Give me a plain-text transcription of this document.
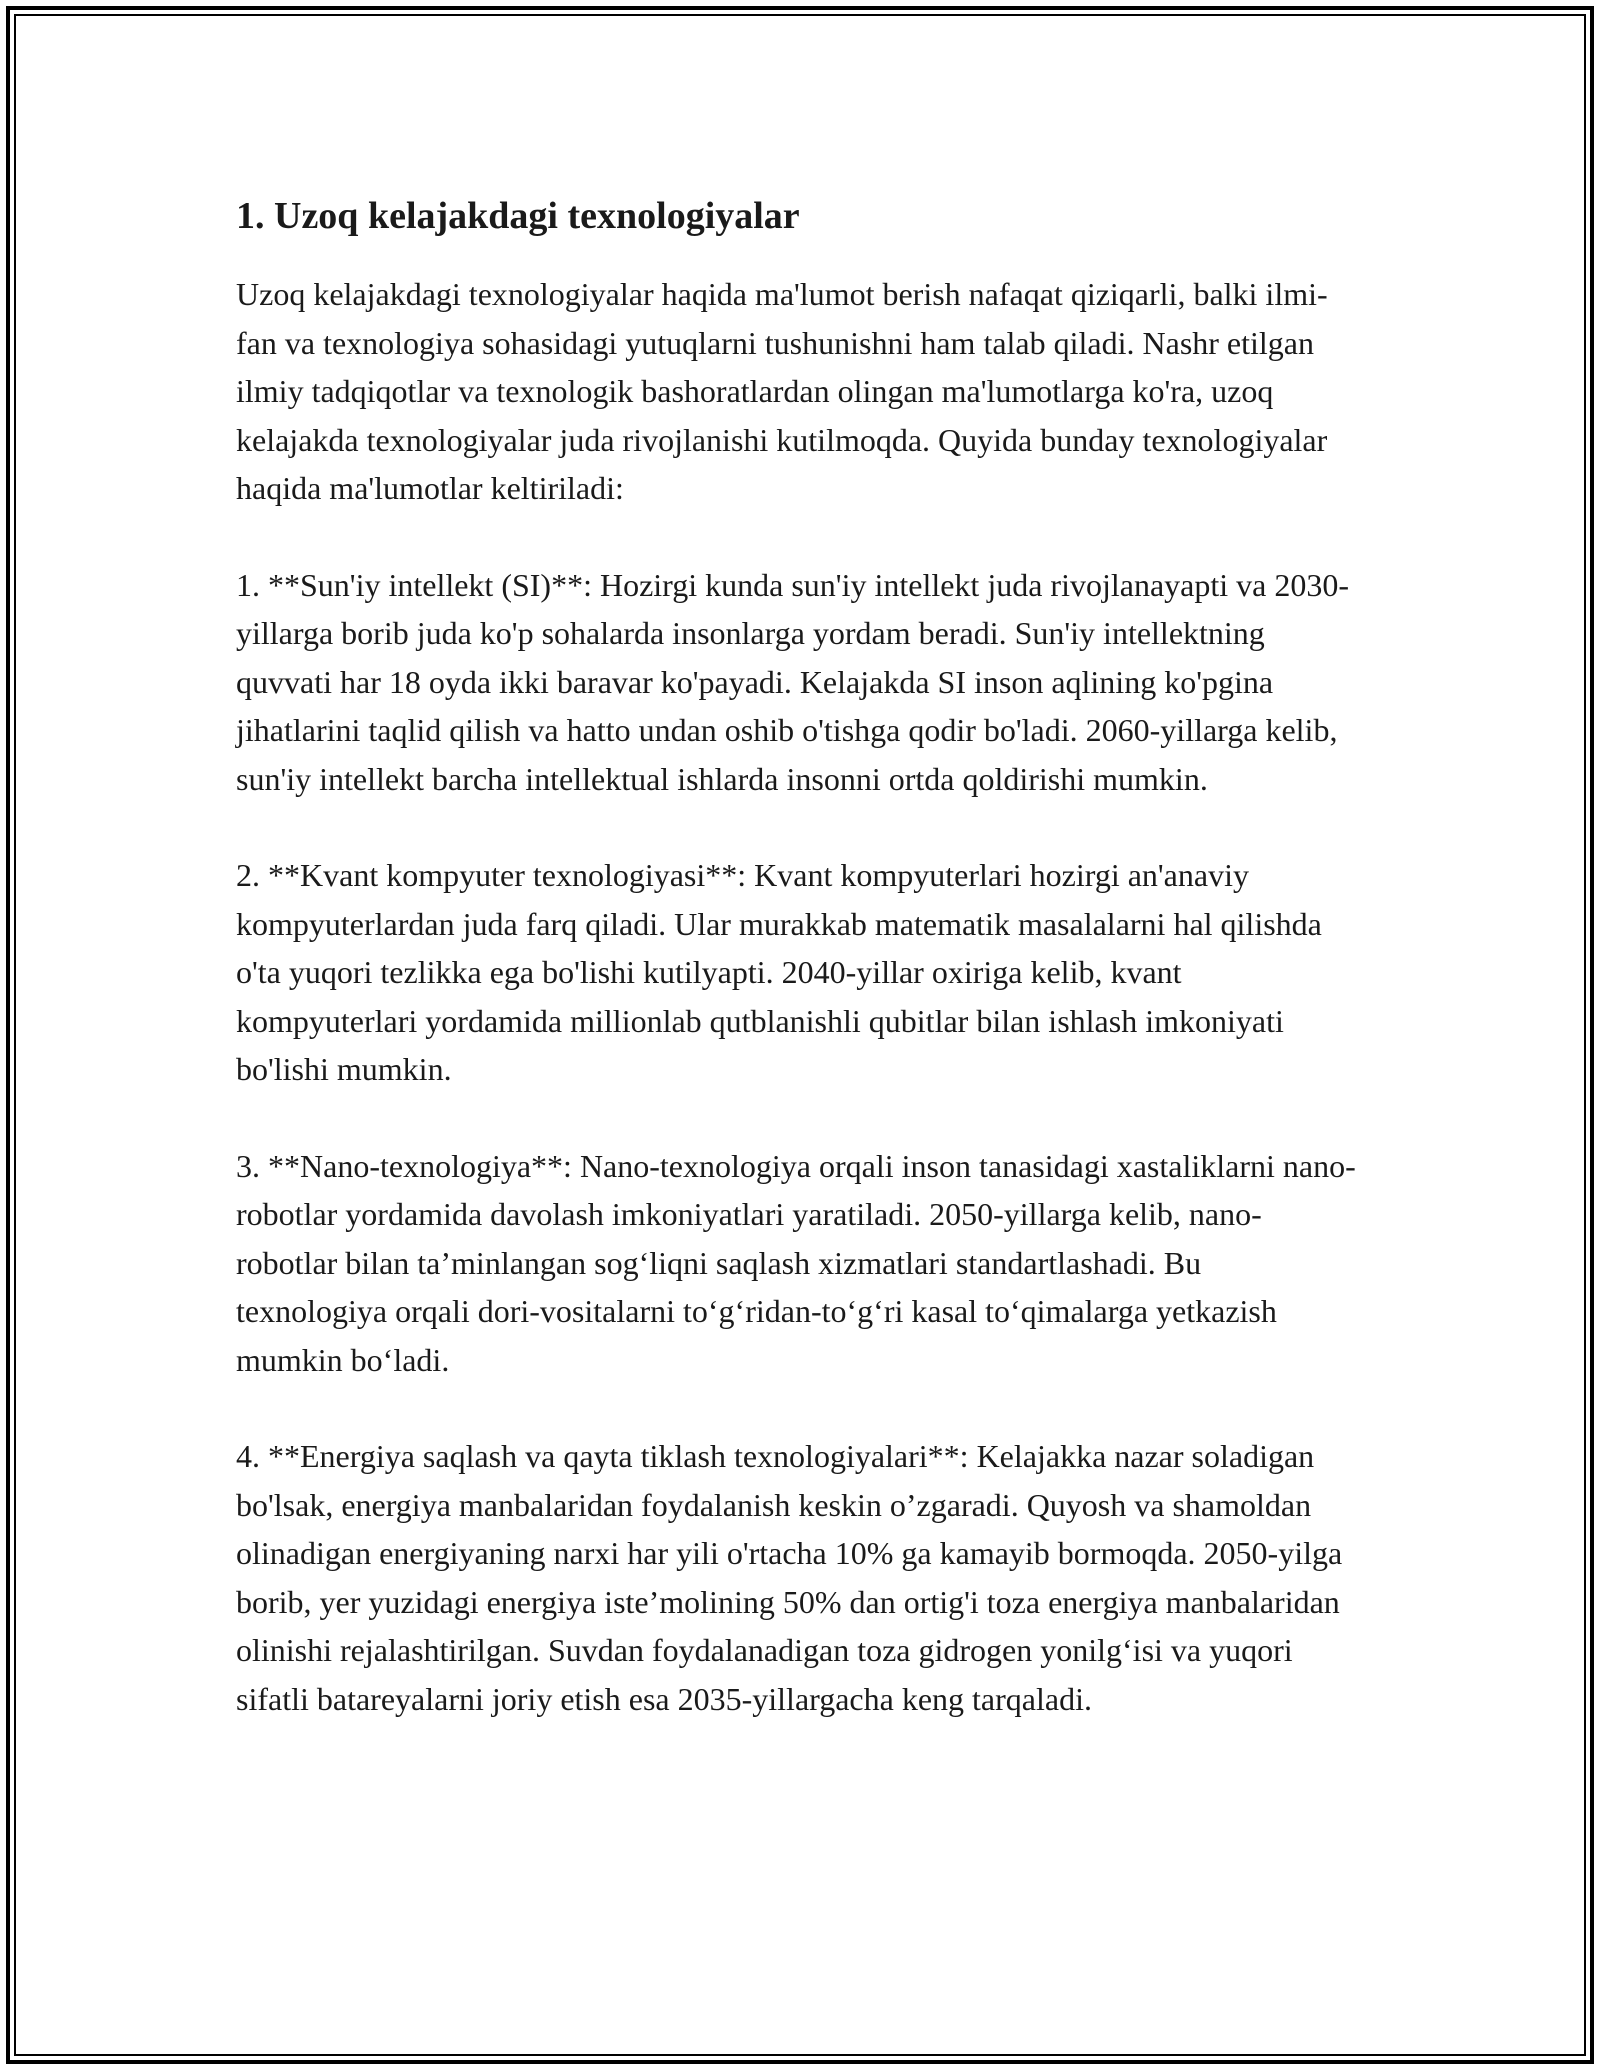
1. Uzoq kelajakdagi texnologiyalar

Uzoq kelajakdagi texnologiyalar haqida ma'lumot berish nafaqat qiziqarli, balki ilmi-fan va texnologiya sohasidagi yutuqlarni tushunishni ham talab qiladi. Nashr etilgan ilmiy tadqiqotlar va texnologik bashoratlardan olingan ma'lumotlarga ko'ra, uzoq kelajakda texnologiyalar juda rivojlanishi kutilmoqda. Quyida bunday texnologiyalar haqida ma'lumotlar keltiriladi:

1. **Sun'iy intellekt (SI)**: Hozirgi kunda sun'iy intellekt juda rivojlanayapti va 2030-yillarga borib juda ko'p sohalarda insonlarga yordam beradi. Sun'iy intellektning quvvati har 18 oyda ikki baravar ko'payadi. Kelajakda SI inson aqlining ko'pgina jihatlarini taqlid qilish va hatto undan oshib o'tishga qodir bo'ladi. 2060-yillarga kelib, sun'iy intellekt barcha intellektual ishlarda insonni ortda qoldirishi mumkin.

2. **Kvant kompyuter texnologiyasi**: Kvant kompyuterlari hozirgi an'anaviy kompyuterlardan juda farq qiladi. Ular murakkab matematik masalalarni hal qilishda o'ta yuqori tezlikka ega bo'lishi kutilyapti. 2040-yillar oxiriga kelib, kvant kompyuterlari yordamida millionlab qutblanishli qubitlar bilan ishlash imkoniyati bo'lishi mumkin.

3. **Nano-texnologiya**: Nano-texnologiya orqali inson tanasidagi xastaliklarni nano-robotlar yordamida davolash imkoniyatlari yaratiladi. 2050-yillarga kelib, nano-robotlar bilan ta’minlangan sog‘liqni saqlash xizmatlari standartlashadi. Bu texnologiya orqali dori-vositalarni to‘g‘ridan-to‘g‘ri kasal to‘qimalarga yetkazish mumkin bo‘ladi.

4. **Energiya saqlash va qayta tiklash texnologiyalari**: Kelajakka nazar soladigan bo'lsak, energiya manbalaridan foydalanish keskin o’zgaradi. Quyosh va shamoldan olinadigan energiyaning narxi har yili o'rtacha 10% ga kamayib bormoqda. 2050-yilga borib, yer yuzidagi energiya iste’molining 50% dan ortig'i toza energiya manbalaridan olinishi rejalashtirilgan. Suvdan foydalanadigan toza gidrogen yonilg‘isi va yuqori sifatli batareyalarni joriy etish esa 2035-yillargacha keng tarqaladi.
